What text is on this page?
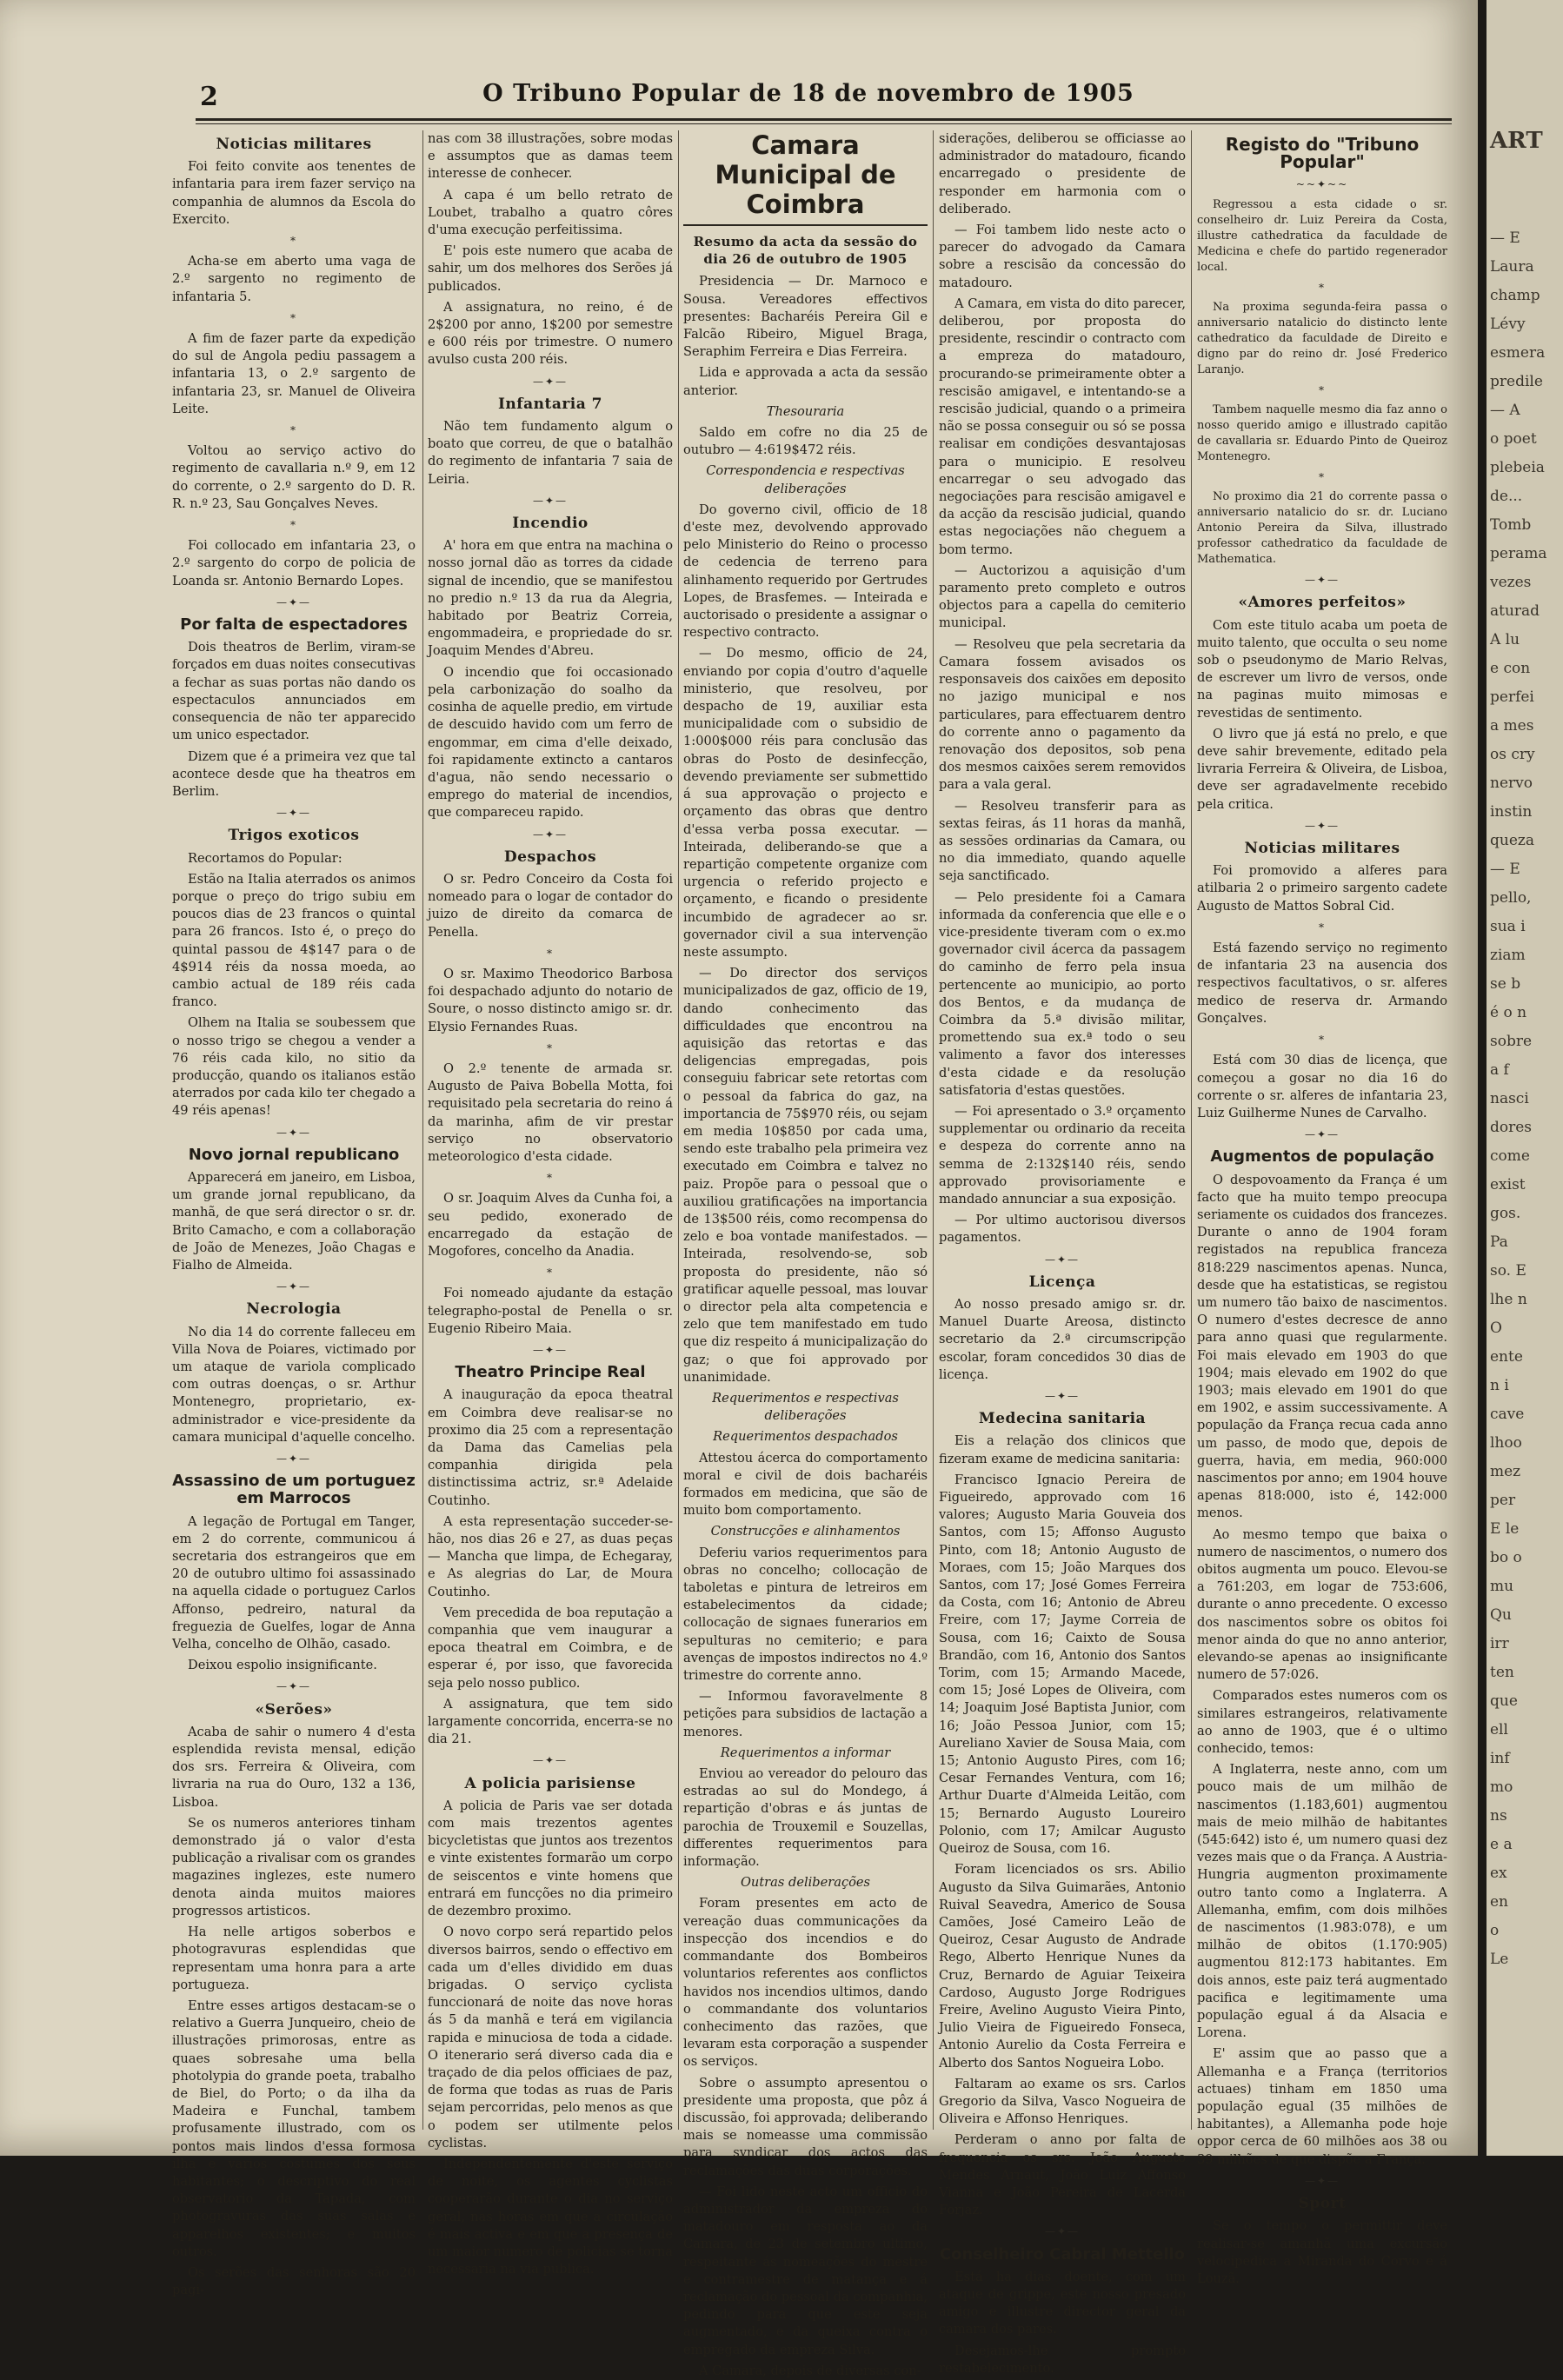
2	O Tribuno Popular de 18 de novembro de 1905
Noticias militares

Foi feito convite aos tenentes de infantaria para irem fazer serviço na companhia de alumnos da Escola do Exercito.

*

Acha-se em aberto uma vaga de 2.º sargento no regimento de infantaria 5.

*

A fim de fazer parte da expedição do sul de Angola pediu passagem a infantaria 13, o 2.º sargento de infantaria 23, sr. Manuel de Oliveira Leite.

*

Voltou ao serviço activo do regimento de cavallaria n.º 9, em 12 do corrente, o 2.º sargento do D. R. R. n.º 23, Sau Gonçalves Neves.

*

Foi collocado em infantaria 23, o 2.º sargento do corpo de policia de Loanda sr. Antonio Bernardo Lopes.

—✦—
Por falta de espectadores

Dois theatros de Berlim, viram-se forçados em duas noites consecutivas a fechar as suas portas não dando os espectaculos annunciados em consequencia de não ter apparecido um unico espectador.

Dizem que é a primeira vez que tal acontece desde que ha theatros em Berlim.

—✦—
Trigos exoticos

Recortamos do Popular:

Estão na Italia aterrados os animos porque o preço do trigo subiu em poucos dias de 23 francos o quintal para 26 francos. Isto é, o preço do quintal passou de 4$147 para o de 4$914 réis da nossa moeda, ao cambio actual de 189 réis cada franco.

Olhem na Italia se soubessem que o nosso trigo se chegou a vender a 76 réis cada kilo, no sitio da producção, quando os italianos estão aterrados por cada kilo ter chegado a 49 réis apenas!

—✦—
Novo jornal republicano

Apparecerá em janeiro, em Lisboa, um grande jornal republicano, da manhã, de que será director o sr. dr. Brito Camacho, e com a collaboração de João de Menezes, João Chagas e Fialho de Almeida.

—✦—
Necrologia

No dia 14 do corrente falleceu em Villa Nova de Poiares, victimado por um ataque de variola complicado com outras doenças, o sr. Arthur Montenegro, proprietario, ex-administrador e vice-presidente da camara municipal d'aquelle concelho.

—✦—
Assassino de um portuguez em Marrocos

A legação de Portugal em Tanger, em 2 do corrente, communicou á secretaria dos estrangeiros que em 20 de outubro ultimo foi assassinado na aquella cidade o portuguez Carlos Affonso, pedreiro, natural da freguezia de Guelfes, logar de Anna Velha, concelho de Olhão, casado.

Deixou espolio insignificante.

—✦—
«Serões»

Acaba de sahir o numero 4 d'esta esplendida revista mensal, edição dos srs. Ferreira & Oliveira, com livraria na rua do Ouro, 132 a 136, Lisboa.

Se os numeros anteriores tinham demonstrado já o valor d'esta publicação a rivalisar com os grandes magazines inglezes, este numero denota ainda muitos maiores progressos artisticos.

Ha nelle artigos soberbos e photogravuras esplendidas que representam uma honra para a arte portugueza.

Entre esses artigos destacam-se o relativo a Guerra Junqueiro, cheio de illustrações primorosas, entre as quaes sobresahe uma bella photolypia do grande poeta, trabalho de Biel, do Porto; o da ilha da Madeira e Funchal, tambem profusamente illustrado, com os pontos mais lindos d'essa formosa ilha e varios costumes dos seus habitantes; o descriptivo do real observatorio da Tapada, com photogravuras das suas salas e apparelhos existentes; e muitos outros.

Os serões das senhoras são 20 pagi-

nas com 38 illustrações, sobre modas e assumptos que as damas teem interesse de conhecer.

A capa é um bello retrato de Loubet, trabalho a quatro côres d'uma execução perfeitissima.

E' pois este numero que acaba de sahir, um dos melhores dos Serões já publicados.

A assignatura, no reino, é de 2$200 por anno, 1$200 por semestre e 600 réis por trimestre. O numero avulso custa 200 réis.

—✦—
Infantaria 7

Não tem fundamento algum o boato que correu, de que o batalhão do regimento de infantaria 7 saia de Leiria.

—✦—
Incendio

A' hora em que entra na machina o nosso jornal dão as torres da cidade signal de incendio, que se manifestou no predio n.º 13 da rua da Alegria, habitado por Beatriz Correia, engommadeira, e propriedade do sr. Joaquim Mendes d'Abreu.

O incendio que foi occasionado pela carbonização do soalho da cosinha de aquelle predio, em virtude de descuido havido com um ferro de engommar, em cima d'elle deixado, foi rapidamente extincto a cantaros d'agua, não sendo necessario o emprego do material de incendios, que compareceu rapido.

—✦—
Despachos

O sr. Pedro Conceiro da Costa foi nomeado para o logar de contador do juizo de direito da comarca de Penella.

*

O sr. Maximo Theodorico Barbosa foi despachado adjunto do notario de Soure, o nosso distincto amigo sr. dr. Elysio Fernandes Ruas.

*

O 2.º tenente de armada sr. Augusto de Paiva Bobella Motta, foi requisitado pela secretaria do reino á da marinha, afim de vir prestar serviço no observatorio meteorologico d'esta cidade.

*

O sr. Joaquim Alves da Cunha foi, a seu pedido, exonerado de encarregado da estação de Mogofores, concelho da Anadia.

*

Foi nomeado ajudante da estação telegrapho-postal de Penella o sr. Eugenio Ribeiro Maia.

—✦—
Theatro Principe Real

A inauguração da epoca theatral em Coimbra deve realisar-se no proximo dia 25 com a representação da Dama das Camelias pela companhia dirigida pela distinctissima actriz, sr.ª Adelaide Coutinho.

A esta representação succeder-se-hão, nos dias 26 e 27, as duas peças — Mancha que limpa, de Echegaray, e As alegrias do Lar, de Moura Coutinho.

Vem precedida de boa reputação a companhia que vem inaugurar a epoca theatral em Coimbra, e de esperar é, por isso, que favorecida seja pelo nosso publico.

A assignatura, que tem sido largamente concorrida, encerra-se no dia 21.

—✦—
A policia parisiense

A policia de Paris vae ser dotada com mais trezentos agentes bicycletistas que juntos aos trezentos e vinte existentes formarão um corpo de seiscentos e vinte homens que entrará em funcções no dia primeiro de dezembro proximo.

O novo corpo será repartido pelos diversos bairros, sendo o effectivo em cada um d'elles dividido em duas brigadas. O serviço cyclista funccionará de noite das nove horas ás 5 da manhã e terá em vigilancia rapida e minuciosa de toda a cidade. O itenerario será diverso cada dia e traçado de dia pelos officiaes de paz, de forma que todas as ruas de Paris sejam percorridas, pelo menos as que o podem ser utilmente pelos cyclistas.

Independentemente d'este serviço de noite, os agentes cyclistas cooperarão durante o dia no serviço geral, nas horas em que a circulação é mais activa e em que a presença de um maior numero de policias se torna necessaria na via publica.

Camara Municipal de Coimbra
Resumo da acta da sessão do dia 26 de outubro de 1905

Presidencia — Dr. Marnoco e Sousa. Vereadores effectivos presentes: Bacharéis Pereira Gil e Falcão Ribeiro, Miguel Braga, Seraphim Ferreira e Dias Ferreira.

Lida e approvada a acta da sessão anterior.

Thesouraria

Saldo em cofre no dia 25 de outubro — 4:619$472 réis.

Correspondencia e respectivas deliberações

Do governo civil, officio de 18 d'este mez, devolvendo approvado pelo Ministerio do Reino o processo de cedencia de terreno para alinhamento requerido por Gertrudes Lopes, de Brasfemes. — Inteirada e auctorisado o presidente a assignar o respectivo contracto.

— Do mesmo, officio de 24, enviando por copia d'outro d'aquelle ministerio, que resolveu, por despacho de 19, auxiliar esta municipalidade com o subsidio de 1:000$000 réis para conclusão das obras do Posto de desinfecção, devendo previamente ser submettido á sua approvação o projecto e orçamento das obras que dentro d'essa verba possa executar. — Inteirada, deliberando-se que a repartição competente organize com urgencia o referido projecto e orçamento, e ficando o presidente incumbido de agradecer ao sr. governador civil a sua intervenção neste assumpto.

— Do director dos serviços municipalizados de gaz, officio de 19, dando conhecimento das difficuldades que encontrou na aquisição das retortas e das deligencias empregadas, pois conseguiu fabricar sete retortas com o pessoal da fabrica do gaz, na importancia de 75$970 réis, ou sejam em media 10$850 por cada uma, sendo este trabalho pela primeira vez executado em Coimbra e talvez no paiz. Propõe para o pessoal que o auxiliou gratificações na importancia de 13$500 réis, como recompensa do zelo e boa vontade manifestados. — Inteirada, resolvendo-se, sob proposta do presidente, não só gratificar aquelle pessoal, mas louvar o director pela alta competencia e zelo que tem manifestado em tudo que diz respeito á municipalização do gaz; o que foi approvado por unanimidade.

Requerimentos e respectivas deliberações
Requerimentos despachados

Attestou ácerca do comportamento moral e civil de dois bacharéis formados em medicina, que são de muito bom comportamento.

Construcções e alinhamentos

Deferiu varios requerimentos para obras no concelho; collocação de taboletas e pintura de letreiros em estabelecimentos da cidade; collocação de signaes funerarios em sepulturas no cemiterio; e para avenças de impostos indirectos no 4.º trimestre do corrente anno.

— Informou favoravelmente 8 petições para subsidios de lactação a menores.

Requerimentos a informar

Enviou ao vereador do pelouro das estradas ao sul do Mondego, á repartição d'obras e ás juntas de parochia de Trouxemil e Souzellas, differentes requerimentos para informação.

Outras deliberações

Foram presentes em acto de vereação duas communicações da inspecção dos incendios e do commandante dos Bombeiros voluntarios referentes aos conflictos havidos nos incendios ultimos, dando o commandante dos voluntarios conhecimento das razões, que levaram esta corporação a suspender os serviços.

Sobre o assumpto apresentou o presidente uma proposta, que pôz á discussão, foi approvada; deliberando mais se nomeasse uma commissão para syndicar dos actos das reclamações das duas corporações.

— Foi lido neste acto um officio do administrador da empreza do matadouro em resposta ao da Camara, de 23 de setembro ultimo, respeitante ás nomeações do mestre e contramestre de matança e á reclamação do pessoal da companhia, pedindo para que este seja augmentado, e da queixa contra o empregado da empreza Silva.

A Camara, depois de diversas con-

siderações, deliberou se officiasse ao administrador do matadouro, ficando encarregado o presidente de responder em harmonia com o deliberado.

— Foi tambem lido neste acto o parecer do advogado da Camara sobre a rescisão da concessão do matadouro.

A Camara, em vista do dito parecer, deliberou, por proposta do presidente, rescindir o contracto com a empreza do matadouro, procurando-se primeiramente obter a rescisão amigavel, e intentando-se a rescisão judicial, quando o a primeira não se possa conseguir ou só se possa realisar em condições desvantajosas para o municipio. E resolveu encarregar o seu advogado das negociações para rescisão amigavel e da acção da rescisão judicial, quando estas negociações não cheguem a bom termo.

— Auctorizou a aquisição d'um paramento preto completo e outros objectos para a capella do cemiterio municipal.

— Resolveu que pela secretaria da Camara fossem avisados os responsaveis dos caixões em deposito no jazigo municipal e nos particulares, para effectuarem dentro do corrente anno o pagamento da renovação dos depositos, sob pena dos mesmos caixões serem removidos para a vala geral.

— Resolveu transferir para as sextas feiras, ás 11 horas da manhã, as sessões ordinarias da Camara, ou no dia immediato, quando aquelle seja sanctificado.

— Pelo presidente foi a Camara informada da conferencia que elle e o vice-presidente tiveram com o ex.mo governador civil ácerca da passagem do caminho de ferro pela insua pertencente ao municipio, ao porto dos Bentos, e da mudança de Coimbra da 5.ª divisão militar, promettendo sua ex.ª todo o seu valimento a favor dos interesses d'esta cidade e da resolução satisfatoria d'estas questões.

— Foi apresentado o 3.º orçamento supplementar ou ordinario da receita e despeza do corrente anno na semma de 2:132$140 réis, sendo approvado provisoriamente e mandado annunciar a sua exposição.

— Por ultimo auctorisou diversos pagamentos.

—✦—
Licença

Ao nosso presado amigo sr. dr. Manuel Duarte Areosa, distincto secretario da 2.ª circumscripção escolar, foram concedidos 30 dias de licença.

—✦—
Medecina sanitaria

Eis a relação dos clinicos que fizeram exame de medicina sanitaria:

Francisco Ignacio Pereira de Figueiredo, approvado com 16 valores; Augusto Maria Gouveia dos Santos, com 15; Affonso Augusto Pinto, com 18; Antonio Augusto de Moraes, com 15; João Marques dos Santos, com 17; José Gomes Ferreira da Costa, com 16; Antonio de Abreu Freire, com 17; Jayme Correia de Sousa, com 16; Caixto de Sousa Brandão, com 16, Antonio dos Santos Torim, com 15; Armando Macede, com 15; José Lopes de Oliveira, com 14; Joaquim José Baptista Junior, com 16; João Pessoa Junior, com 15; Aureliano Xavier de Sousa Maia, com 15; Antonio Augusto Pires, com 16; Cesar Fernandes Ventura, com 16; Arthur Duarte d'Almeida Leitão, com 15; Bernardo Augusto Loureiro Polonio, com 17; Amilcar Augusto Queiroz de Sousa, com 16.

Foram licenciados os srs. Abilio Augusto da Silva Guimarães, Antonio Ruival Seavedra, Americo de Sousa Camões, José Cameiro Leão de Queiroz, Cesar Augusto de Andrade Rego, Alberto Henrique Nunes da Cruz, Bernardo de Aguiar Teixeira Cardoso, Augusto Jorge Rodrigues Freire, Avelino Augusto Vieira Pinto, Julio Vieira de Figueiredo Fonseca, Antonio Aurelio da Costa Ferreira e Alberto dos Santos Nogueira Lobo.

Faltaram ao exame os srs. Carlos Gregorio da Silva, Vasco Nogueira de Oliveira e Affonso Henriques.

Perderam o anno por falta de frequencia os srs. João Augusto Mendes Arnaut, João Luiz Affonso Vianna e João Pereira de Lacerda Forjaz.

—✦—
Conselheiro Cabral Mettello

Está ha dias doente, com um ataque de grippe, este nosso presado amigo e illustre director geral da camara dos pares.

Desejamos-lhe prompto restabelecimento.

Registo do "Tribuno Popular"
~~✦~~

Regressou a esta cidade o sr. conselheiro dr. Luiz Pereira da Costa, illustre cathedratica da faculdade de Medicina e chefe do partido regenerador local.

*

Na proxima segunda-feira passa o anniversario natalicio do distincto lente cathedratico da faculdade de Direito e digno par do reino dr. José Frederico Laranjo.

*

Tambem naquelle mesmo dia faz anno o nosso querido amigo e illustrado capitão de cavallaria sr. Eduardo Pinto de Queiroz Montenegro.

*

No proximo dia 21 do corrente passa o anniversario natalicio do sr. dr. Luciano Antonio Pereira da Silva, illustrado professor cathedratico da faculdade de Mathematica.

—✦—
«Amores perfeitos»

Com este titulo acaba um poeta de muito talento, que occulta o seu nome sob o pseudonymo de Mario Relvas, de escrever um livro de versos, onde na paginas muito mimosas e revestidas de sentimento.

O livro que já está no prelo, e que deve sahir brevemente, editado pela livraria Ferreira & Oliveira, de Lisboa, deve ser agradavelmente recebido pela critica.

—✦—
Noticias militares

Foi promovido a alferes para atilbaria 2 o primeiro sargento cadete Augusto de Mattos Sobral Cid.

*

Está fazendo serviço no regimento de infantaria 23 na ausencia dos respectivos facultativos, o sr. alferes medico de reserva dr. Armando Gonçalves.

*

Está com 30 dias de licença, que começou a gosar no dia 16 do corrente o sr. alferes de infantaria 23, Luiz Guilherme Nunes de Carvalho.

—✦—
Augmentos de população

O despovoamento da França é um facto que ha muito tempo preocupa seriamente os cuidados dos francezes. Durante o anno de 1904 foram registados na republica franceza 818:229 nascimentos apenas. Nunca, desde que ha estatisticas, se registou um numero tão baixo de nascimentos. O numero d'estes decresce de anno para anno quasi que regularmente. Foi mais elevado em 1903 do que 1904; mais elevado em 1902 do que 1903; mais elevado em 1901 do que em 1902, e assim successivamente. A população da França recua cada anno um passo, de modo que, depois de guerra, havia, em media, 960:000 nascimentos por anno; em 1904 houve apenas 818:000, isto é, 142:000 menos.

Ao mesmo tempo que baixa o numero de nascimentos, o numero dos obitos augmenta um pouco. Elevou-se a 761:203, em logar de 753:606, durante o anno precedente. O excesso dos nascimentos sobre os obitos foi menor ainda do que no anno anterior, elevando-se apenas ao insignificante numero de 57:026.

Comparados estes numeros com os similares estrangeiros, relativamente ao anno de 1903, que é o ultimo conhecido, temos:

A Inglaterra, neste anno, com um pouco mais de um milhão de nascimentos (1.183,601) augmentou mais de meio milhão de habitantes (545:642) isto é, um numero quasi dez vezes mais que o da França. A Austria-Hungria augmenton proximamente outro tanto como a Inglaterra. A Allemanha, emfim, com dois milhões de nascimentos (1.983:078), e um milhão de obitos (1.170:905) augmentou 812:173 habitantes. Em dois annos, este paiz terá augmentado pacifica e legitimamente uma população egual á da Alsacia e Lorena.

E' assim que ao passo que a Allemanha e a França (territorios actuaes) tinham em 1850 uma população egual (35 milhões de habitantes), a Allemanha pode hoje oppor cerca de 60 milhões aos 38 ou 39 milhões de que dispõe a França.

—✦—
Sport

Se o tempo o permittir deve realisar-se amanhã uma excursão velocipedica a Miranda do Corvo e á Louzã.

ART
— E
Laura
champ
Lévy
esmera
predile
— A
o poet
plebeia
de...
Tomb
perama
vezes
aturad
A lu
e con
perfei
a mes
os cry
nervo
instin
queza
— E
pello,
sua i
ziam
se b
é o n
sobre
a f
nasci
dores
come
exist
gos.
Pa
so. E
lhe n
O
ente
n i
cave
lhoo
mez
per
E le
bo o
mu
Qu
irr
ten
que
ell
inf
mo
ns
e a
ex
en
o
Le
